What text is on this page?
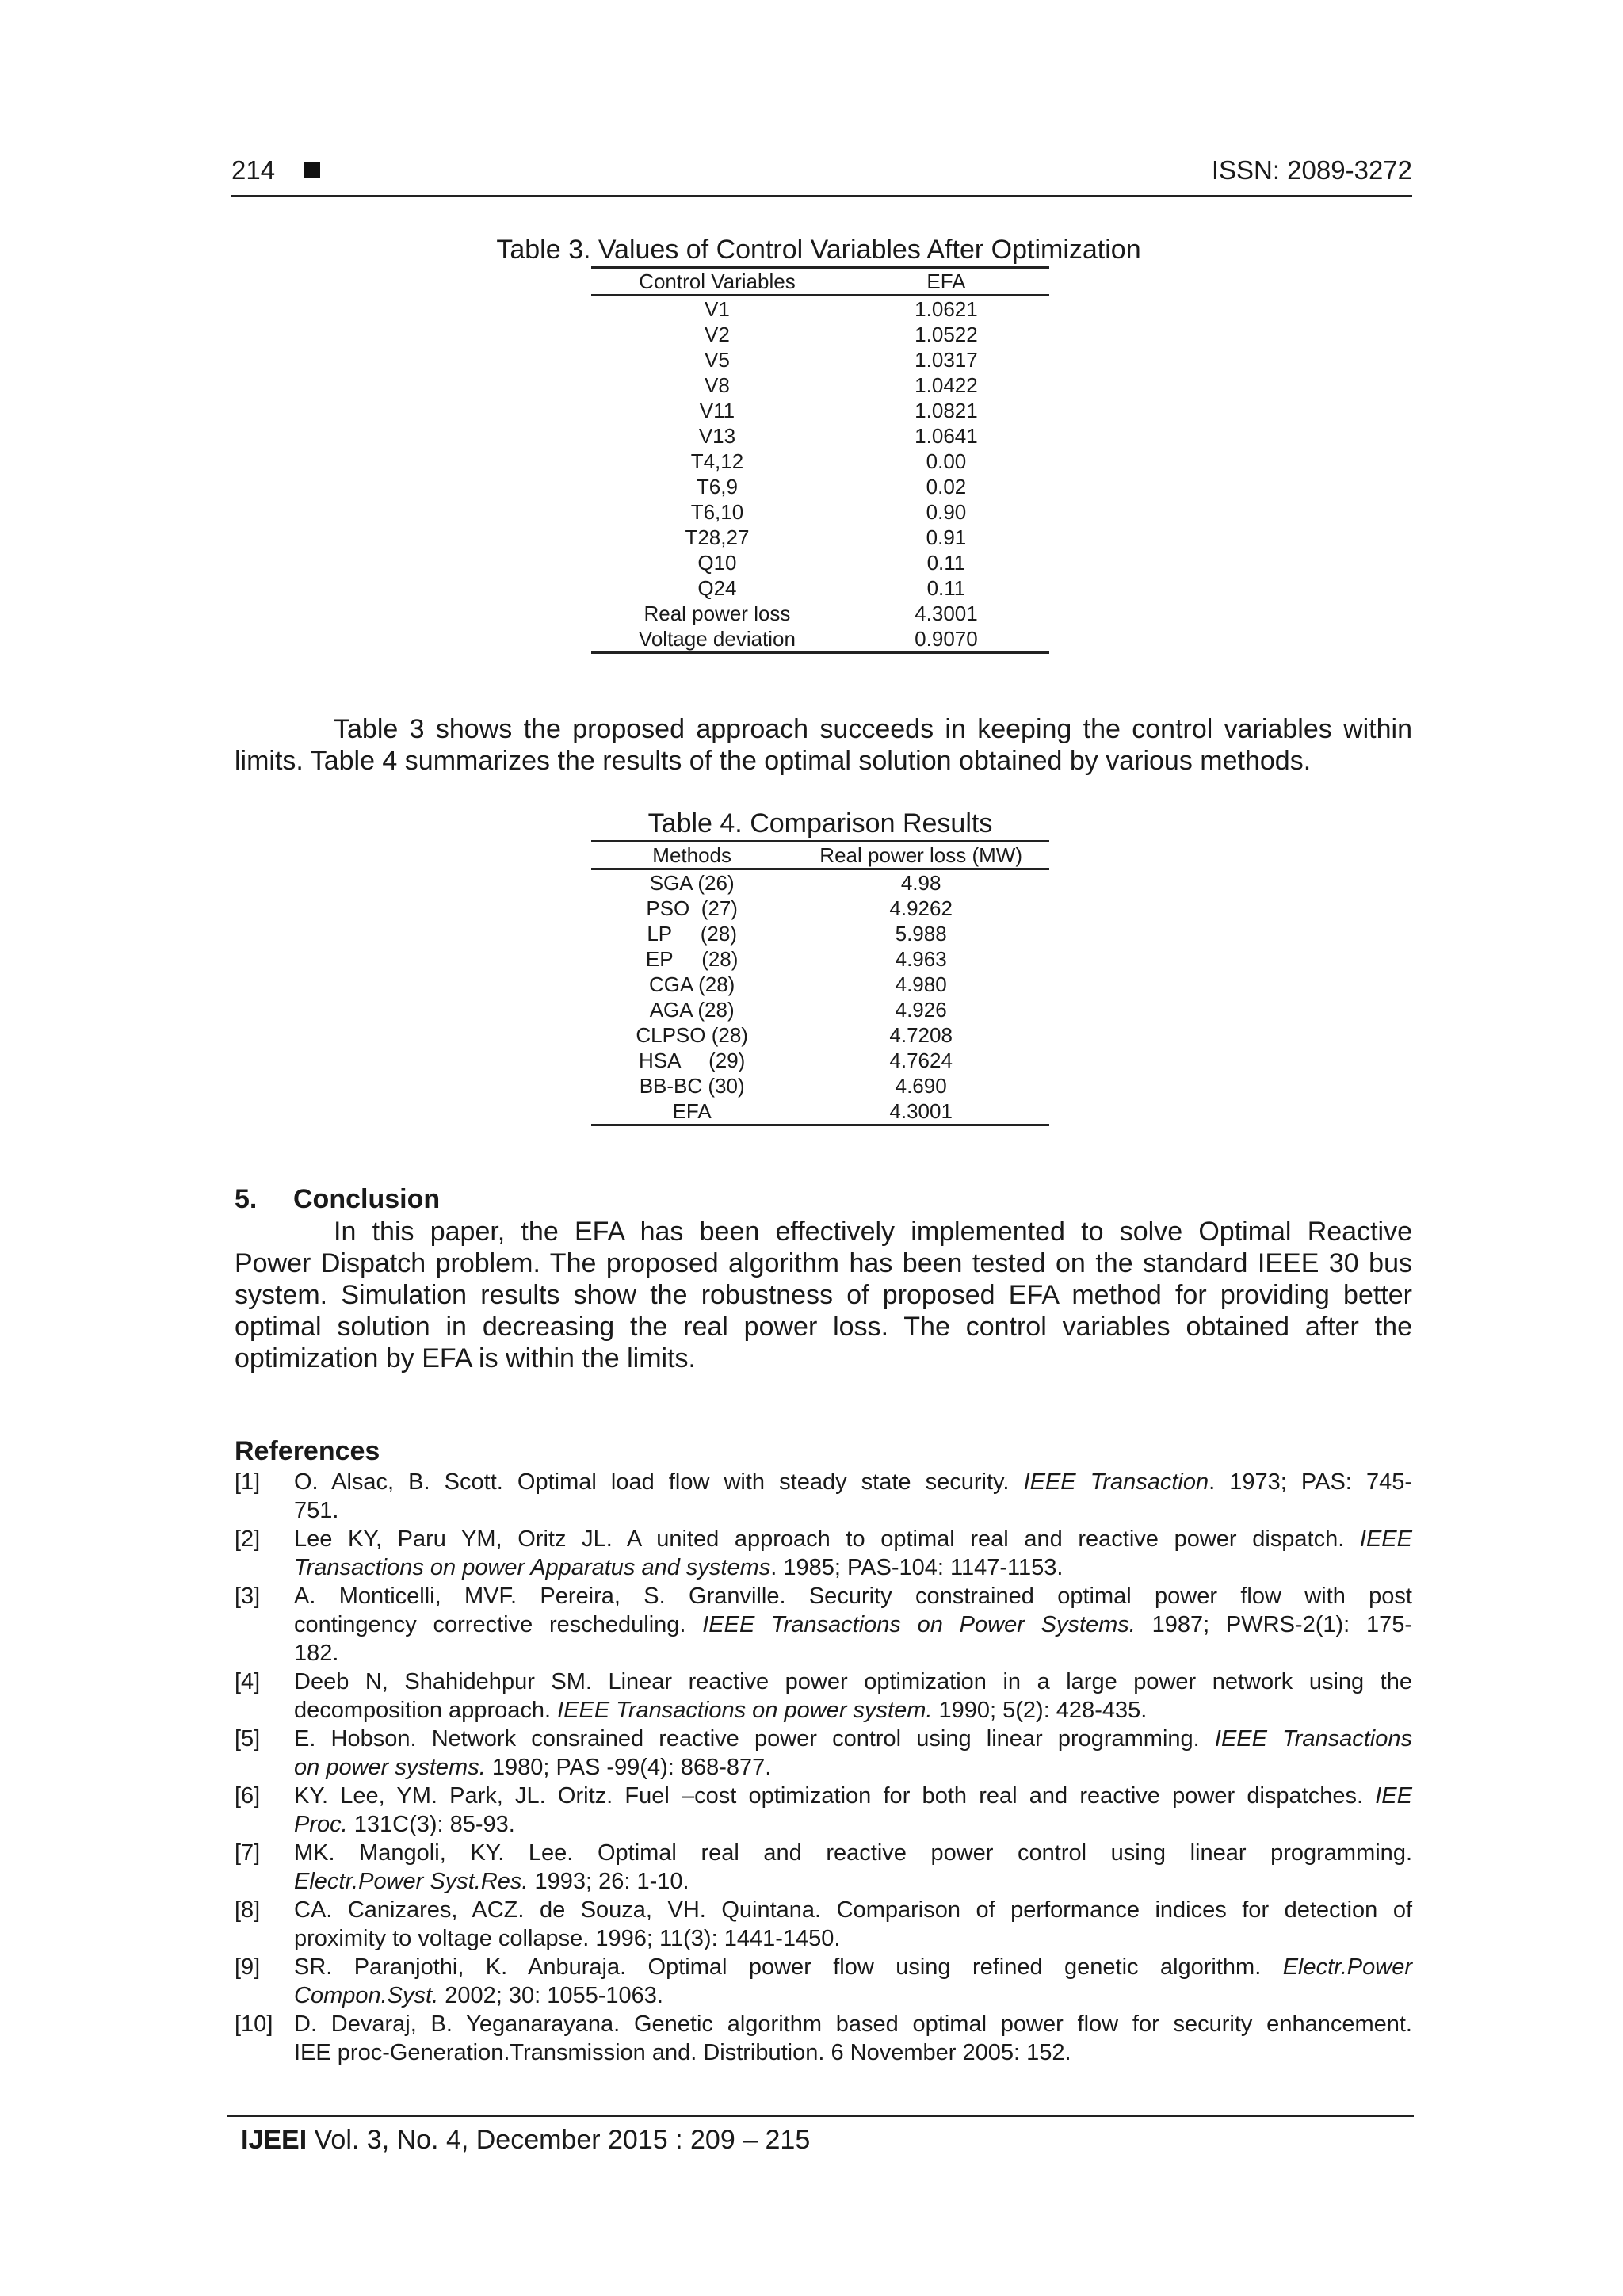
214	ISSN: 2089-3272
Table 3. Values of Control Variables After Optimization
Control Variables	EFA
V1	1.0621
V2	1.0522
V5	1.0317
V8	1.0422
V11	1.0821
V13	1.0641
T4,12	0.00
T6,9	0.02
T6,10	0.90
T28,27	0.91
Q10	0.11
Q24	0.11
Real power loss	4.3001
Voltage deviation	0.9070
Table 3 shows the proposed approach succeeds in keeping the control variables within
limits. Table 4 summarizes the results of the optimal solution obtained by various methods.
Table 4. Comparison Results
Methods	Real power loss (MW)
SGA (26)	4.98
PSO  (27)	4.9262
LP     (28)	5.988
EP     (28)	4.963
CGA (28)	4.980
AGA (28)	4.926
CLPSO (28)	4.7208
HSA     (29)	4.7624
BB-BC (30)	4.690
EFA	4.3001
5. Conclusion
In this paper, the EFA has been effectively implemented to solve Optimal Reactive
Power Dispatch problem. The proposed algorithm has been tested on the standard IEEE 30 bus
system. Simulation results show the robustness of proposed EFA method for providing better
optimal solution in decreasing the real power loss. The control variables obtained after the
optimization by EFA is within the limits.
References
[1] O. Alsac, B. Scott. Optimal load flow with steady state security. IEEE Transaction. 1973; PAS: 745-
751.
[2] Lee KY, Paru YM, Oritz JL. A united approach to optimal real and reactive power dispatch. IEEE
Transactions on power Apparatus and systems. 1985; PAS-104: 1147-1153.
[3] A. Monticelli, MVF. Pereira, S. Granville. Security constrained optimal power flow with post
contingency corrective rescheduling. IEEE Transactions on Power Systems. 1987; PWRS-2(1): 175-
182.
[4] Deeb N, Shahidehpur SM. Linear reactive power optimization in a large power network using the
decomposition approach. IEEE Transactions on power system. 1990; 5(2): 428-435.
[5] E. Hobson. Network consrained reactive power control using linear programming. IEEE Transactions
on power systems. 1980; PAS -99(4): 868-877.
[6] KY. Lee, YM. Park, JL. Oritz. Fuel –cost optimization for both real and reactive power dispatches. IEE
Proc. 131C(3): 85-93.
[7] MK. Mangoli, KY. Lee. Optimal real and reactive power control using linear programming.
Electr.Power Syst.Res. 1993; 26: 1-10.
[8] CA. Canizares, ACZ. de Souza, VH. Quintana. Comparison of performance indices for detection of
proximity to voltage collapse. 1996; 11(3): 1441-1450.
[9] SR. Paranjothi, K. Anburaja. Optimal power flow using refined genetic algorithm. Electr.Power
Compon.Syst. 2002; 30: 1055-1063.
[10] D. Devaraj, B. Yeganarayana. Genetic algorithm based optimal power flow for security enhancement.
IEE proc-Generation.Transmission and. Distribution. 6 November 2005: 152.
IJEEI Vol. 3, No. 4, December 2015 : 209 – 215
